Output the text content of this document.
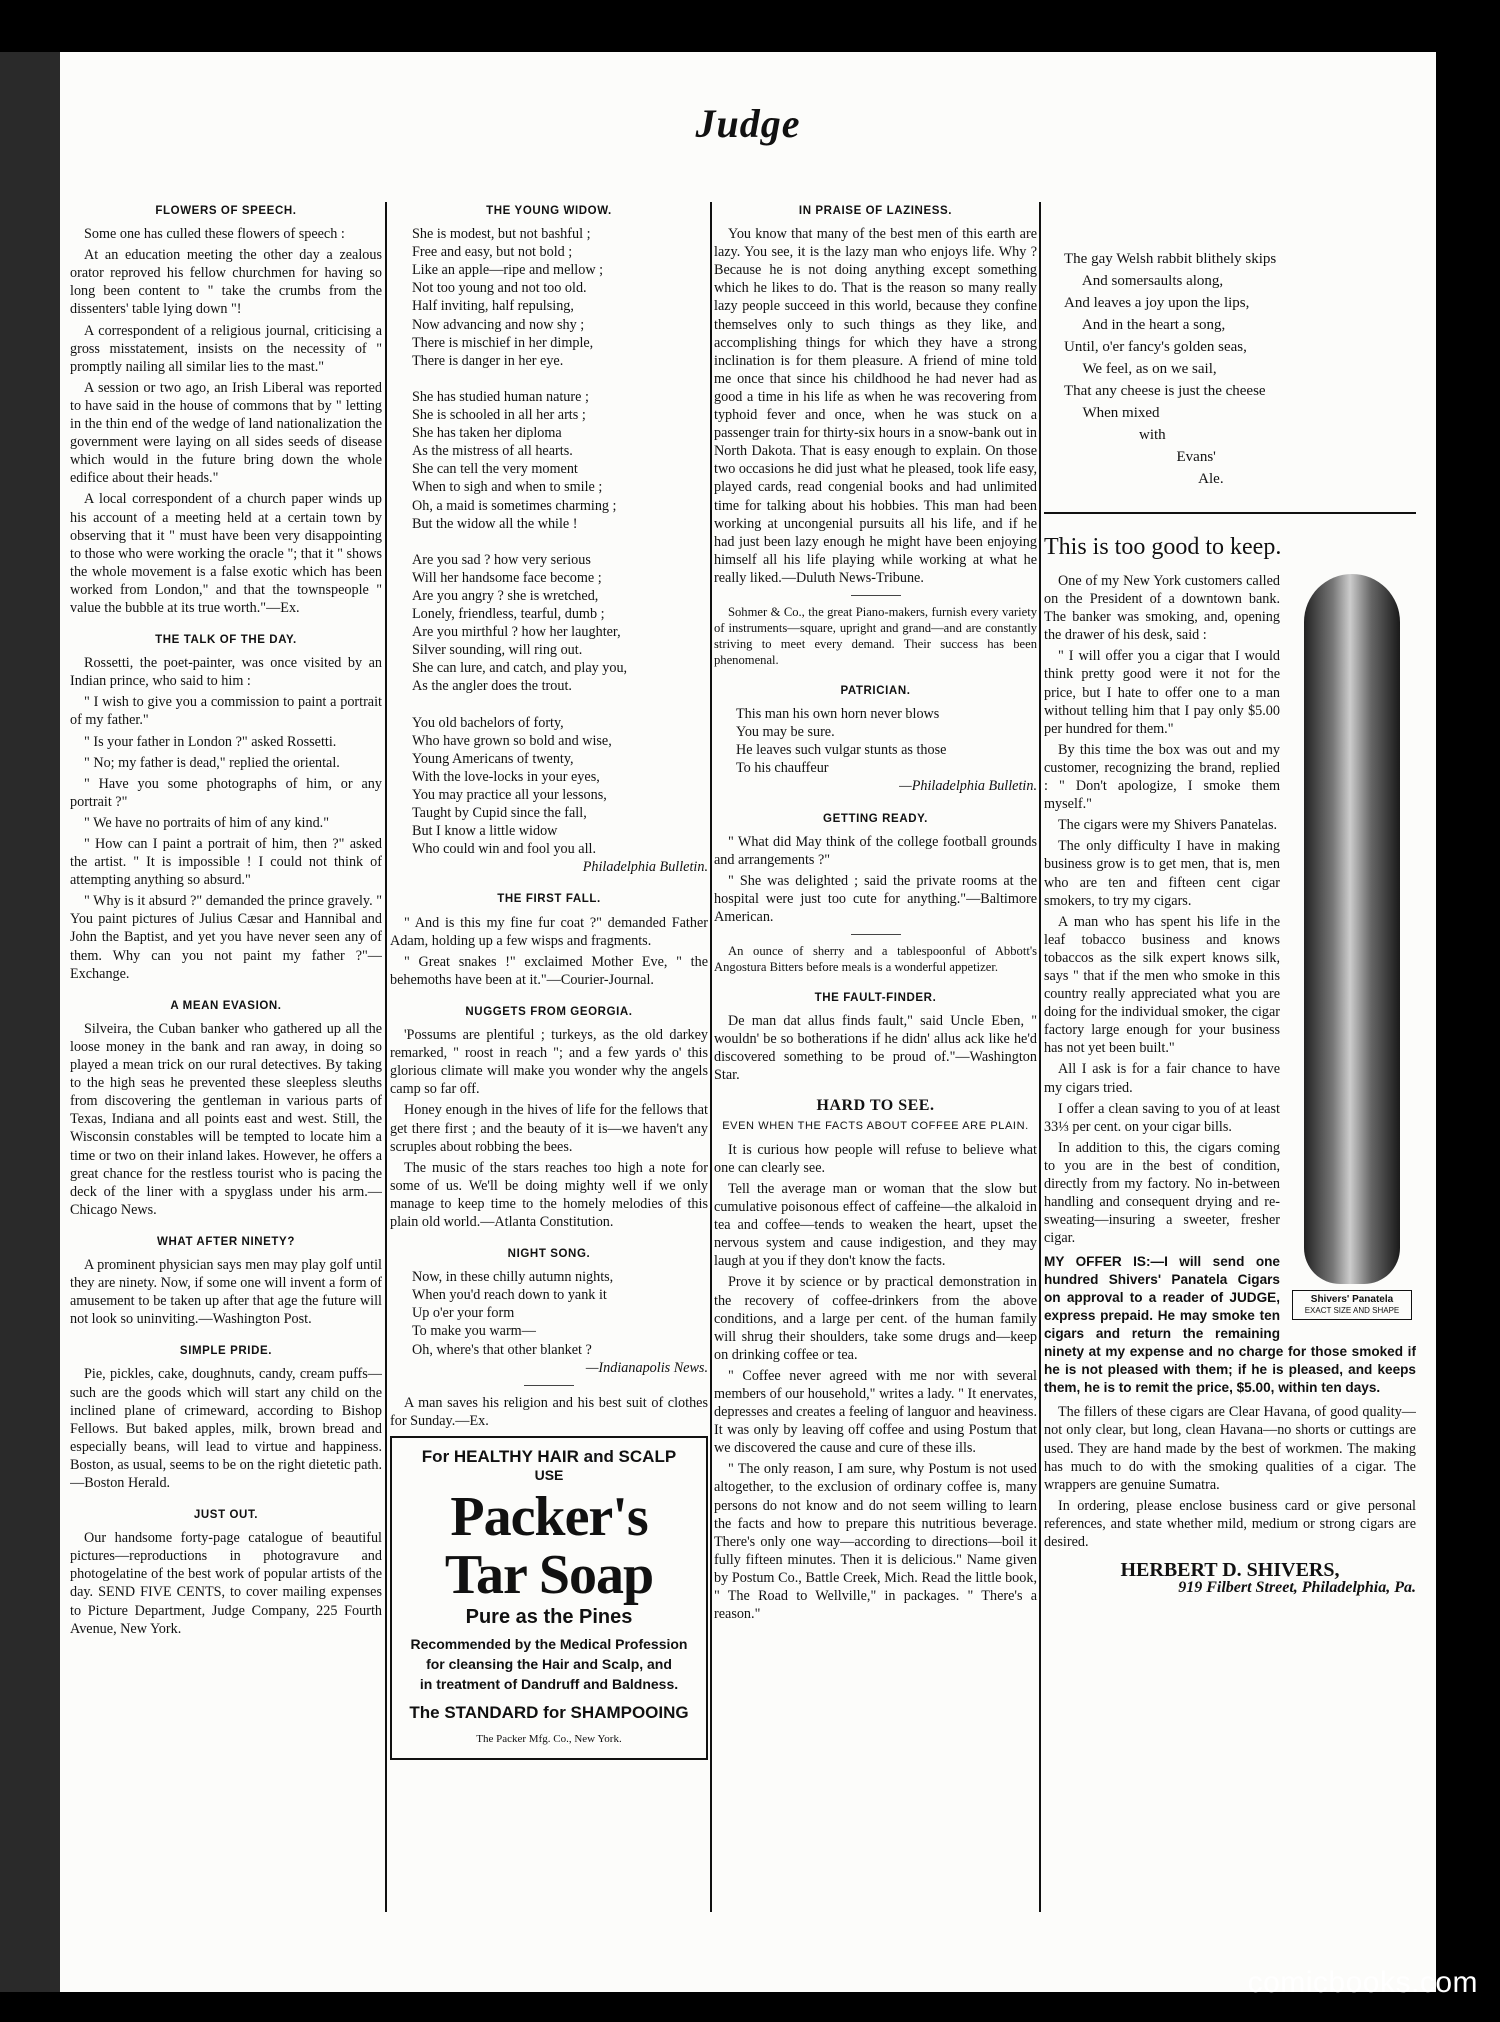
Judge
FLOWERS OF SPEECH.

Some one has culled these flowers of speech :

At an education meeting the other day a zealous orator reproved his fellow churchmen for having so long been content to " take the crumbs from the dissenters' table lying down "!

A correspondent of a religious journal, criticising a gross misstatement, insists on the necessity of " promptly nailing all similar lies to the mast."

A session or two ago, an Irish Liberal was reported to have said in the house of commons that by " letting in the thin end of the wedge of land nationalization the government were laying on all sides seeds of disease which would in the future bring down the whole edifice about their heads."

A local correspondent of a church paper winds up his account of a meeting held at a certain town by observing that it " must have been very disappointing to those who were working the oracle "; that it " shows the whole movement is a false exotic which has been worked from London," and that the townspeople " value the bubble at its true worth."—Ex.

THE TALK OF THE DAY.

Rossetti, the poet-painter, was once visited by an Indian prince, who said to him :

" I wish to give you a commission to paint a portrait of my father."

" Is your father in London ?" asked Rossetti.

" No; my father is dead," replied the oriental.

" Have you some photographs of him, or any portrait ?"

" We have no portraits of him of any kind."

" How can I paint a portrait of him, then ?" asked the artist. " It is impossible ! I could not think of attempting anything so absurd."

" Why is it absurd ?" demanded the prince gravely. " You paint pictures of Julius Cæsar and Hannibal and John the Baptist, and yet you have never seen any of them. Why can you not paint my father ?"—Exchange.

A MEAN EVASION.

Silveira, the Cuban banker who gathered up all the loose money in the bank and ran away, in doing so played a mean trick on our rural detectives. By taking to the high seas he prevented these sleepless sleuths from discovering the gentleman in various parts of Texas, Indiana and all points east and west. Still, the Wisconsin constables will be tempted to locate him a time or two on their inland lakes. However, he offers a great chance for the restless tourist who is pacing the deck of the liner with a spyglass under his arm.—Chicago News.

WHAT AFTER NINETY?

A prominent physician says men may play golf until they are ninety. Now, if some one will invent a form of amusement to be taken up after that age the future will not look so uninviting.—Washington Post.

SIMPLE PRIDE.

Pie, pickles, cake, doughnuts, candy, cream puffs—such are the goods which will start any child on the inclined plane of crimeward, according to Bishop Fellows. But baked apples, milk, brown bread and especially beans, will lead to virtue and happiness. Boston, as usual, seems to be on the right dietetic path.—Boston Herald.

JUST OUT.

Our handsome forty-page catalogue of beautiful pictures—reproductions in photogravure and photogelatine of the best work of popular artists of the day. SEND FIVE CENTS, to cover mailing expenses to Picture Department, Judge Company, 225 Fourth Avenue, New York.

THE YOUNG WIDOW.
She is modest, but not bashful ;
Free and easy, but not bold ;
Like an apple—ripe and mellow ;
Not too young and not too old.
Half inviting, half repulsing,
Now advancing and now shy ;
There is mischief in her dimple,
There is danger in her eye.

She has studied human nature ;
She is schooled in all her arts ;
She has taken her diploma
As the mistress of all hearts.
She can tell the very moment
When to sigh and when to smile ;
Oh, a maid is sometimes charming ;
But the widow all the while !

Are you sad ? how very serious
Will her handsome face become ;
Are you angry ? she is wretched,
Lonely, friendless, tearful, dumb ;
Are you mirthful ? how her laughter,
Silver sounding, will ring out.
She can lure, and catch, and play you,
As the angler does the trout.

You old bachelors of forty,
Who have grown so bold and wise,
Young Americans of twenty,
With the love-locks in your eyes,
You may practice all your lessons,
Taught by Cupid since the fall,
But I know a little widow
Who could win and fool you all.

Philadelphia Bulletin.

THE FIRST FALL.

" And is this my fine fur coat ?" demanded Father Adam, holding up a few wisps and fragments.

" Great snakes !" exclaimed Mother Eve, " the behemoths have been at it."—Courier-Journal.

NUGGETS FROM GEORGIA.

'Possums are plentiful ; turkeys, as the old darkey remarked, " roost in reach "; and a few yards o' this glorious climate will make you wonder why the angels camp so far off.

Honey enough in the hives of life for the fellows that get there first ; and the beauty of it is—we haven't any scruples about robbing the bees.

The music of the stars reaches too high a note for some of us. We'll be doing mighty well if we only manage to keep time to the homely melodies of this plain old world.—Atlanta Constitution.

NIGHT SONG.
Now, in these chilly autumn nights,
When you'd reach down to yank it
Up o'er your form
To make you warm—
Oh, where's that other blanket ?

—Indianapolis News.

A man saves his religion and his best suit of clothes for Sunday.—Ex.

For HEALTHY HAIR and SCALP
USE
Packer's
Tar Soap
Pure as the Pines
Recommended by the Medical Profession
for cleansing the Hair and Scalp, and
in treatment of Dandruff and Baldness.
The STANDARD for SHAMPOOING
The Packer Mfg. Co., New York.
IN PRAISE OF LAZINESS.

You know that many of the best men of this earth are lazy. You see, it is the lazy man who enjoys life. Why ? Because he is not doing anything except something which he likes to do. That is the reason so many really lazy people succeed in this world, because they confine themselves only to such things as they like, and accomplishing things for which they have a strong inclination is for them pleasure. A friend of mine told me once that since his childhood he had never had as good a time in his life as when he was recovering from typhoid fever and once, when he was stuck on a passenger train for thirty-six hours in a snow-bank out in North Dakota. That is easy enough to explain. On those two occasions he did just what he pleased, took life easy, played cards, read congenial books and had unlimited time for talking about his hobbies. This man had been working at uncongenial pursuits all his life, and if he had just been lazy enough he might have been enjoying himself all his life playing while working at what he really liked.—Duluth News-Tribune.

Sohmer & Co., the great Piano-makers, furnish every variety of instruments—square, upright and grand—and are constantly striving to meet every demand. Their success has been phenomenal.

PATRICIAN.
This man his own horn never blows
You may be sure.
He leaves such vulgar stunts as those
To his chauffeur

—Philadelphia Bulletin.

GETTING READY.

" What did May think of the college football grounds and arrangements ?"

" She was delighted ; said the private rooms at the hospital were just too cute for anything."—Baltimore American.

An ounce of sherry and a tablespoonful of Abbott's Angostura Bitters before meals is a wonderful appetizer.

THE FAULT-FINDER.

De man dat allus finds fault," said Uncle Eben, " wouldn' be so botherations if he didn' allus ack like he'd discovered something to be proud of."—Washington Star.

HARD TO SEE.
EVEN WHEN THE FACTS ABOUT COFFEE ARE PLAIN.

It is curious how people will refuse to believe what one can clearly see.

Tell the average man or woman that the slow but cumulative poisonous effect of caffeine—the alkaloid in tea and coffee—tends to weaken the heart, upset the nervous system and cause indigestion, and they may laugh at you if they don't know the facts.

Prove it by science or by practical demonstration in the recovery of coffee-drinkers from the above conditions, and a large per cent. of the human family will shrug their shoulders, take some drugs and—keep on drinking coffee or tea.

" Coffee never agreed with me nor with several members of our household," writes a lady. " It enervates, depresses and creates a feeling of languor and heaviness. It was only by leaving off coffee and using Postum that we discovered the cause and cure of these ills.

" The only reason, I am sure, why Postum is not used altogether, to the exclusion of ordinary coffee is, many persons do not know and do not seem willing to learn the facts and how to prepare this nutritious beverage. There's only one way—according to directions—boil it fully fifteen minutes. Then it is delicious." Name given by Postum Co., Battle Creek, Mich. Read the little book, " The Road to Wellville," in packages. " There's a reason."

The gay Welsh rabbit blithely skips
And somersaults along,
And leaves a joy upon the lips,
And in the heart a song,
Until, o'er fancy's golden seas,
We feel, as on we sail,
That any cheese is just the cheese
When mixed
with
Evans'
Ale.
This is too good to keep.
Shivers' Panatela
EXACT SIZE AND SHAPE

One of my New York customers called on the President of a downtown bank. The banker was smoking, and, opening the drawer of his desk, said :

" I will offer you a cigar that I would think pretty good were it not for the price, but I hate to offer one to a man without telling him that I pay only $5.00 per hundred for them."

By this time the box was out and my customer, recognizing the brand, replied : " Don't apologize, I smoke them myself."

The cigars were my Shivers Panatelas.

The only difficulty I have in making business grow is to get men, that is, men who are ten and fifteen cent cigar smokers, to try my cigars.

A man who has spent his life in the leaf tobacco business and knows tobaccos as the silk expert knows silk, says " that if the men who smoke in this country really appreciated what you are doing for the individual smoker, the cigar factory large enough for your business has not yet been built."

All I ask is for a fair chance to have my cigars tried.

I offer a clean saving to you of at least 33⅓ per cent. on your cigar bills.

In addition to this, the cigars coming to you are in the best of condition, directly from my factory. No in-between handling and consequent drying and re-sweating—insuring a sweeter, fresher cigar.

MY OFFER IS:—I will send one hundred Shivers' Panatela Cigars on approval to a reader of JUDGE, express prepaid. He may smoke ten cigars and return the remaining ninety at my expense and no charge for those smoked if he is not pleased with them; if he is pleased, and keeps them, he is to remit the price, $5.00, within ten days.

The fillers of these cigars are Clear Havana, of good quality—not only clear, but long, clean Havana—no shorts or cuttings are used. They are hand made by the best of workmen. The making has much to do with the smoking qualities of a cigar. The wrappers are genuine Sumatra.

In ordering, please enclose business card or give personal references, and state whether mild, medium or strong cigars are desired.

HERBERT D. SHIVERS,
919 Filbert Street, Philadelphia, Pa.
comicbooks.com
